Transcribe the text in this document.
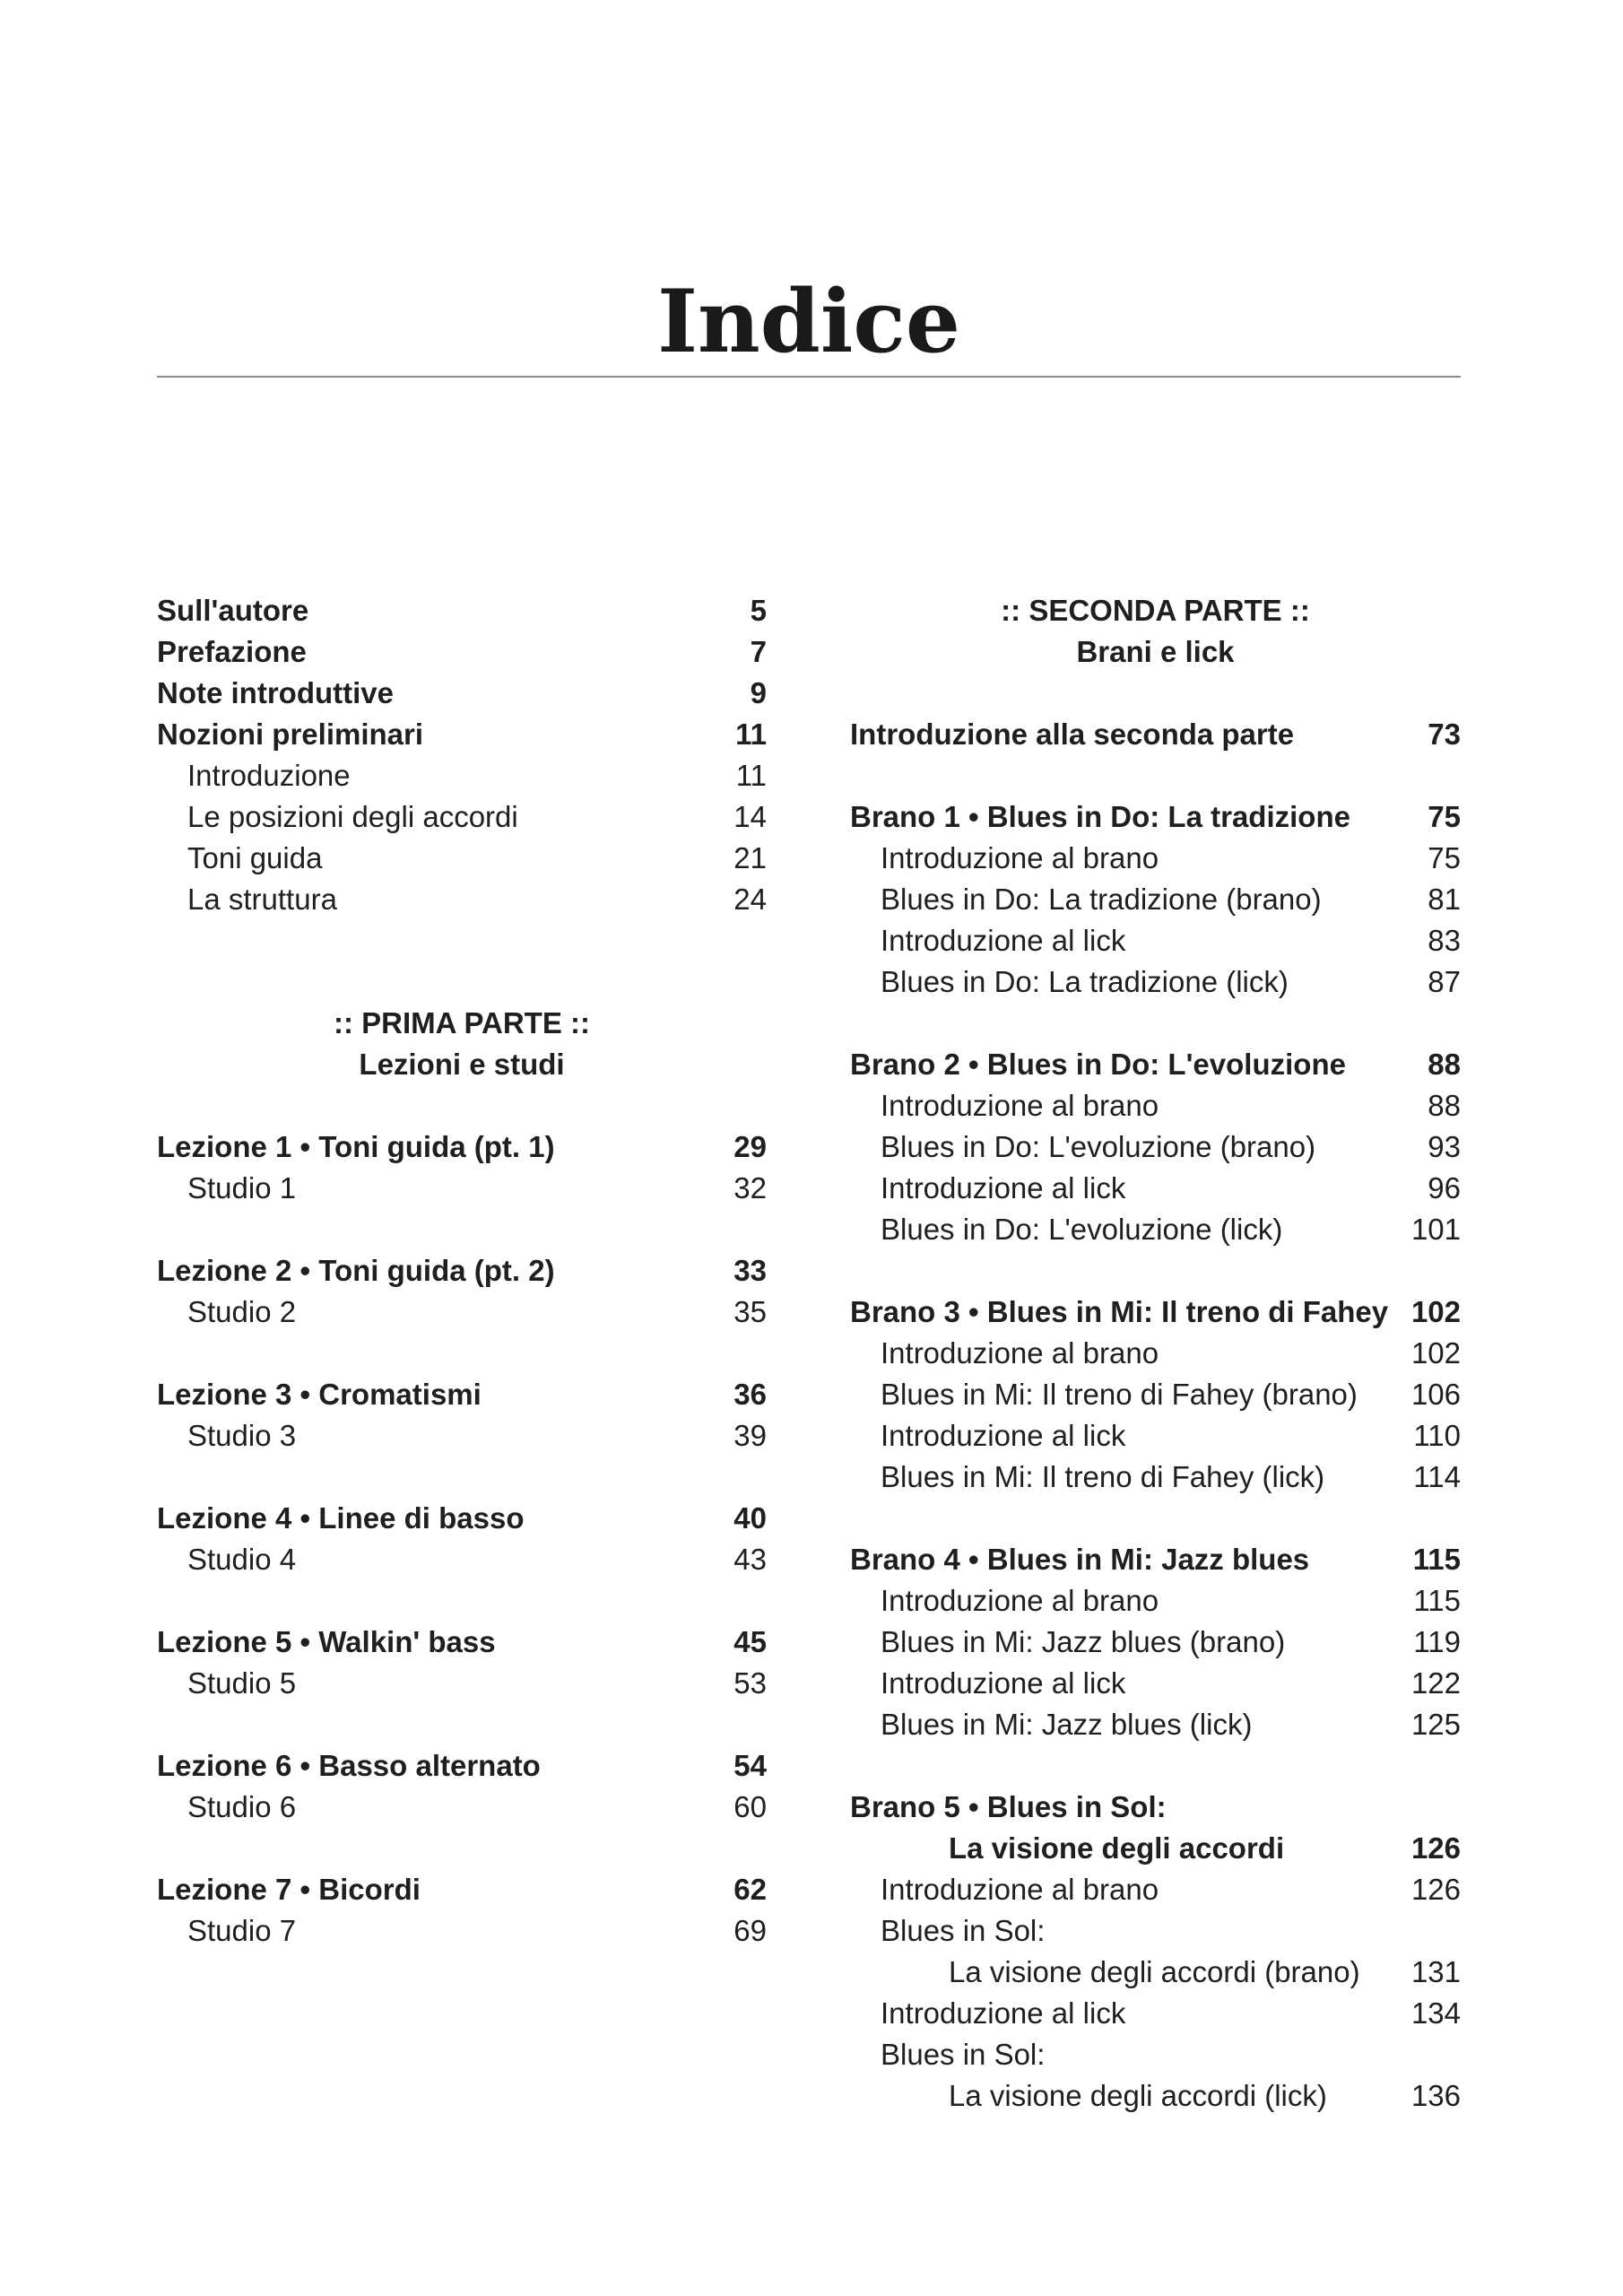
Indice
Sull'autore	5
Prefazione	7
Note introduttive	9
Nozioni preliminari	11
Introduzione	11
Le posizioni degli accordi	14
Toni guida	21
La struttura	24
:: PRIMA PARTE ::
Lezioni e studi
Lezione 1 • Toni guida (pt. 1)	29
Studio 1	32
Lezione 2 • Toni guida (pt. 2)	33
Studio 2	35
Lezione 3 • Cromatismi	36
Studio 3	39
Lezione 4 • Linee di basso	40
Studio 4	43
Lezione 5 • Walkin' bass	45
Studio 5	53
Lezione 6 • Basso alternato	54
Studio 6	60
Lezione 7 • Bicordi	62
Studio 7	69
:: SECONDA PARTE ::
Brani e lick
Introduzione alla seconda parte	73
Brano 1 • Blues in Do: La tradizione	75
Introduzione al brano	75
Blues in Do: La tradizione (brano)	81
Introduzione al lick	83
Blues in Do: La tradizione (lick)	87
Brano 2 • Blues in Do: L'evoluzione	88
Introduzione al brano	88
Blues in Do: L'evoluzione (brano)	93
Introduzione al lick	96
Blues in Do: L'evoluzione (lick)	101
Brano 3 • Blues in Mi: Il treno di Fahey 102
Introduzione al brano	102
Blues in Mi: Il treno di Fahey (brano) 106
Introduzione al lick	110
Blues in Mi: Il treno di Fahey (lick)	114
Brano 4 • Blues in Mi: Jazz blues	115
Introduzione al brano	115
Blues in Mi: Jazz blues (brano)	119
Introduzione al lick	122
Blues in Mi: Jazz blues (lick)	125
Brano 5 • Blues in Sol:
La visione degli accordi	126
Introduzione al brano	126
Blues in Sol:
La visione degli accordi (brano) 131
Introduzione al lick	134
Blues in Sol:
La visione degli accordi (lick)	136
